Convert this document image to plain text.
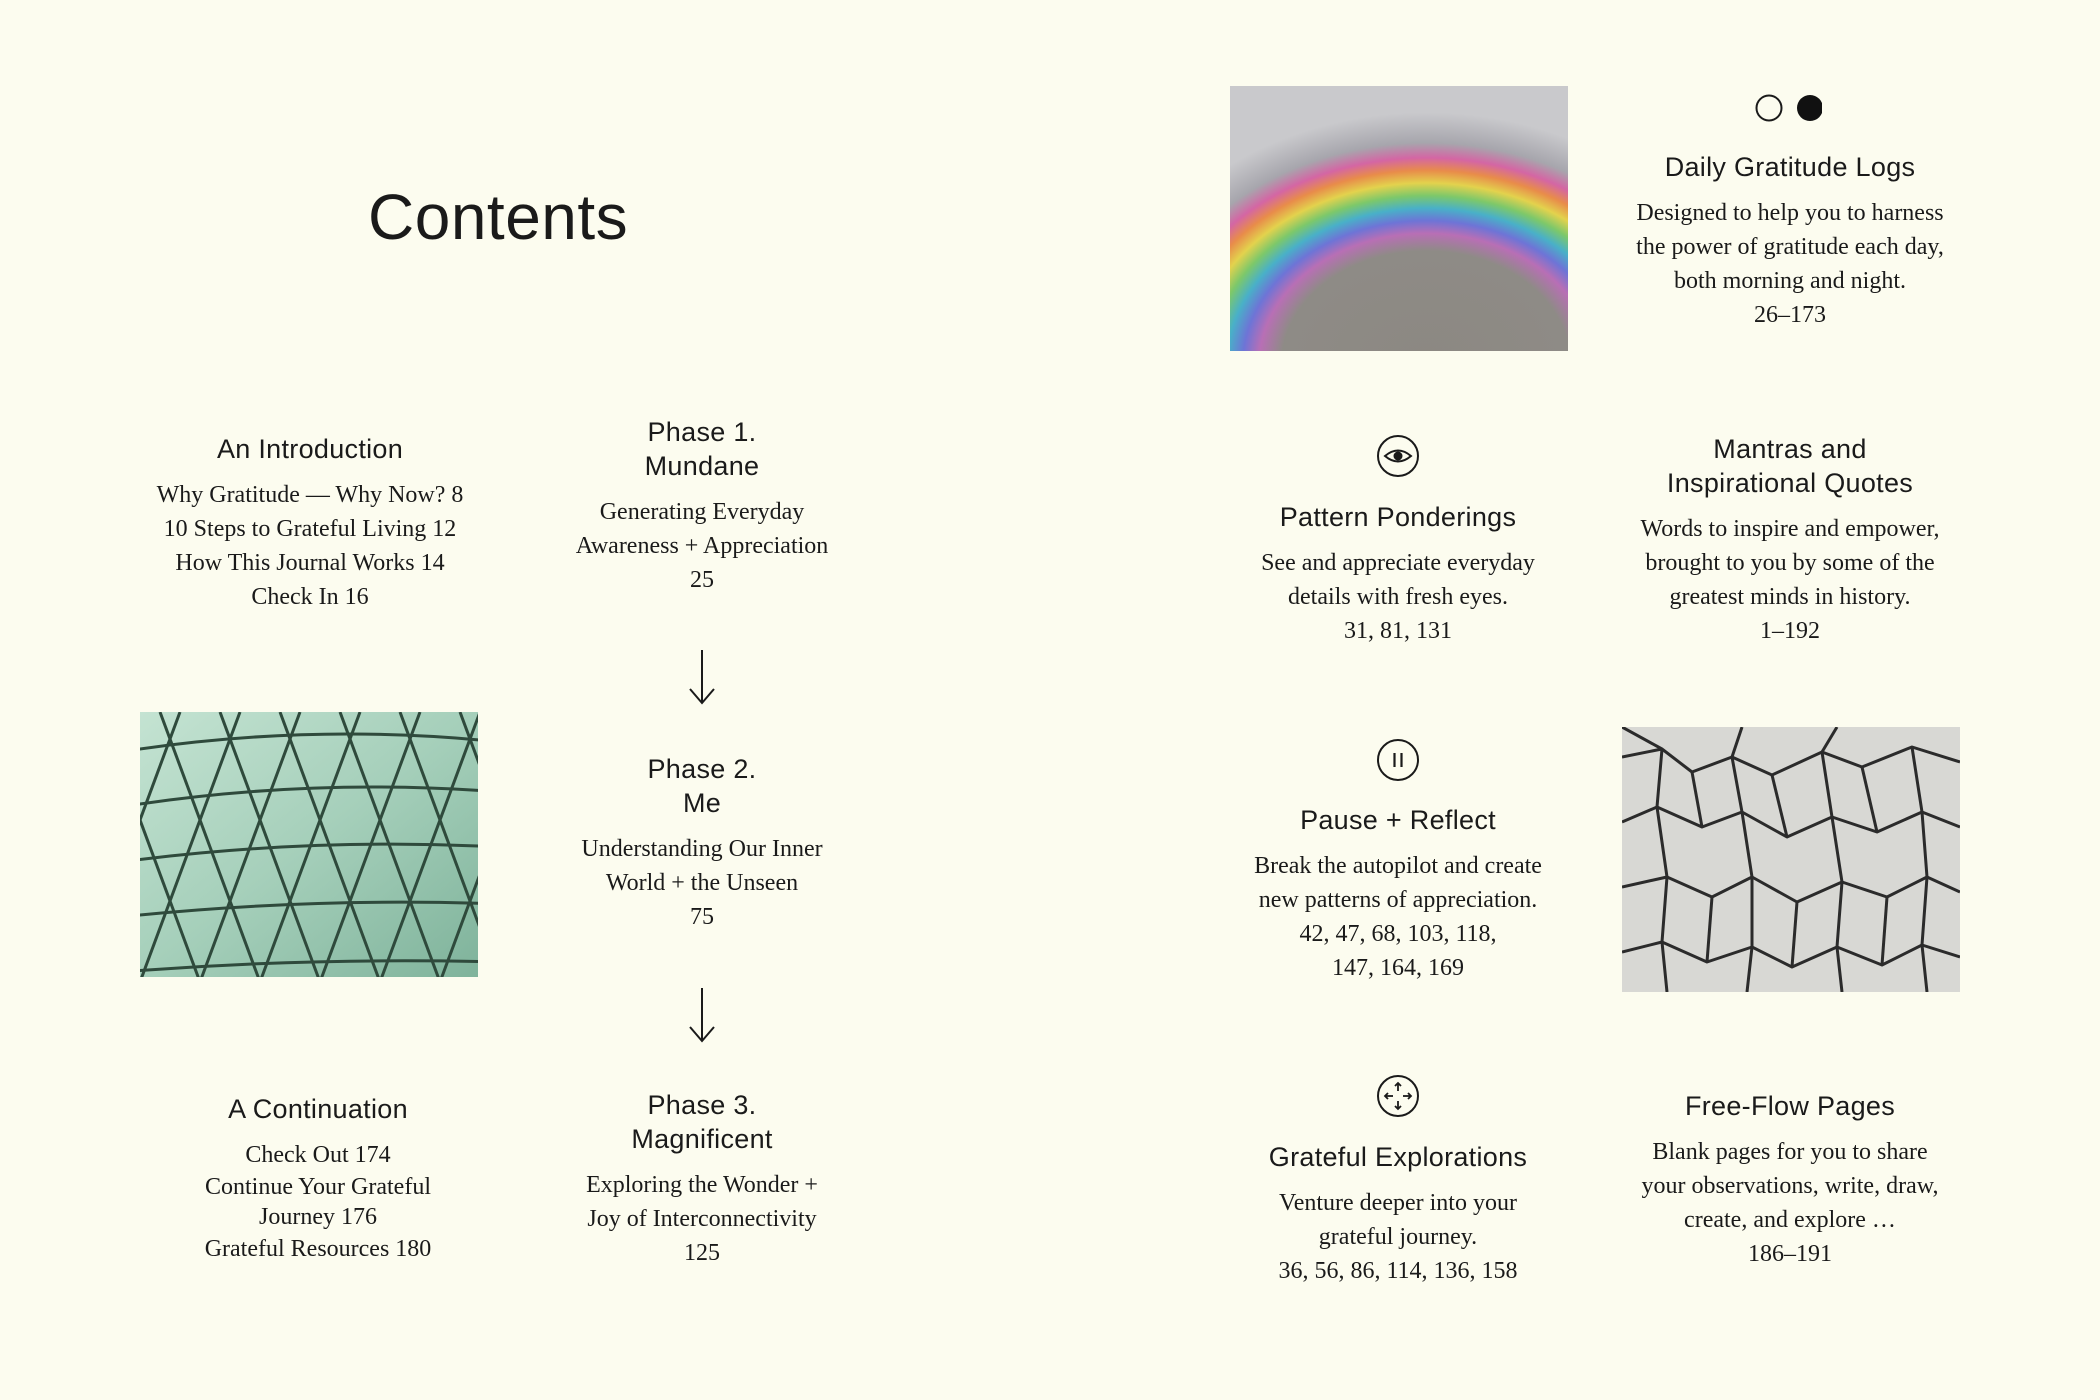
Contents
An Introduction
Why Gratitude — Why Now? 8
10 Steps to Grateful Living 12
How This Journal Works 14
Check In 16
Phase 1.
Mundane
Generating Everyday
Awareness + Appreciation
25
Phase 2.
Me
Understanding Our Inner
World + the Unseen
75
Phase 3.
Magnificent
Exploring the Wonder +
Joy of Interconnectivity
125
A Continuation
Check Out 174
Continue Your Grateful
Journey 176
Grateful Resources 180
Daily Gratitude Logs
Designed to help you to harness
the power of gratitude each day,
both morning and night.
26–173
Pattern Ponderings
See and appreciate everyday
details with fresh eyes.
31, 81, 131
Mantras and
Inspirational Quotes
Words to inspire and empower,
brought to you by some of the
greatest minds in history.
1–192
Pause + Reflect
Break the autopilot and create
new patterns of appreciation.
42, 47, 68, 103, 118,
147, 164, 169
Grateful Explorations
Venture deeper into your
grateful journey.
36, 56, 86, 114, 136, 158
Free-Flow Pages
Blank pages for you to share
your observations, write, draw,
create, and explore …
186–191
